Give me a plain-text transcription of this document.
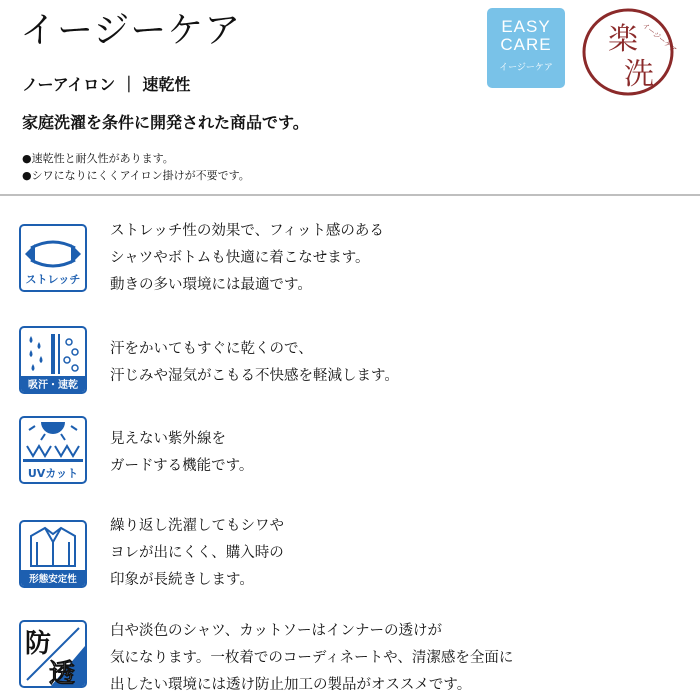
イージーケア
ノーアイロン ｜ 速乾性
家庭洗濯を条件に開発された商品です。
●速乾性と耐久性があります。
●シワになりにくくアイロン掛けが不要です。
EASY
CARE
イージーケア
楽
洗
イージーケア
ストレッチ
ストレッチ性の効果で、フィット感のある
シャツやボトムも快適に着こなせます。
動きの多い環境には最適です。
吸汗・速乾
汗をかいてもすぐに乾くので、
汗じみや湿気がこもる不快感を軽減します。
UVカット
見えない紫外線を
ガードする機能です。
形態安定性
繰り返し洗濯してもシワや
ヨレが出にくく、購入時の
印象が長続きします。
防
透
白や淡色のシャツ、カットソーはインナーの透けが
気になります。一枚着でのコーディネートや、清潔感を全面に
出したい環境には透け防止加工の製品がオススメです。
